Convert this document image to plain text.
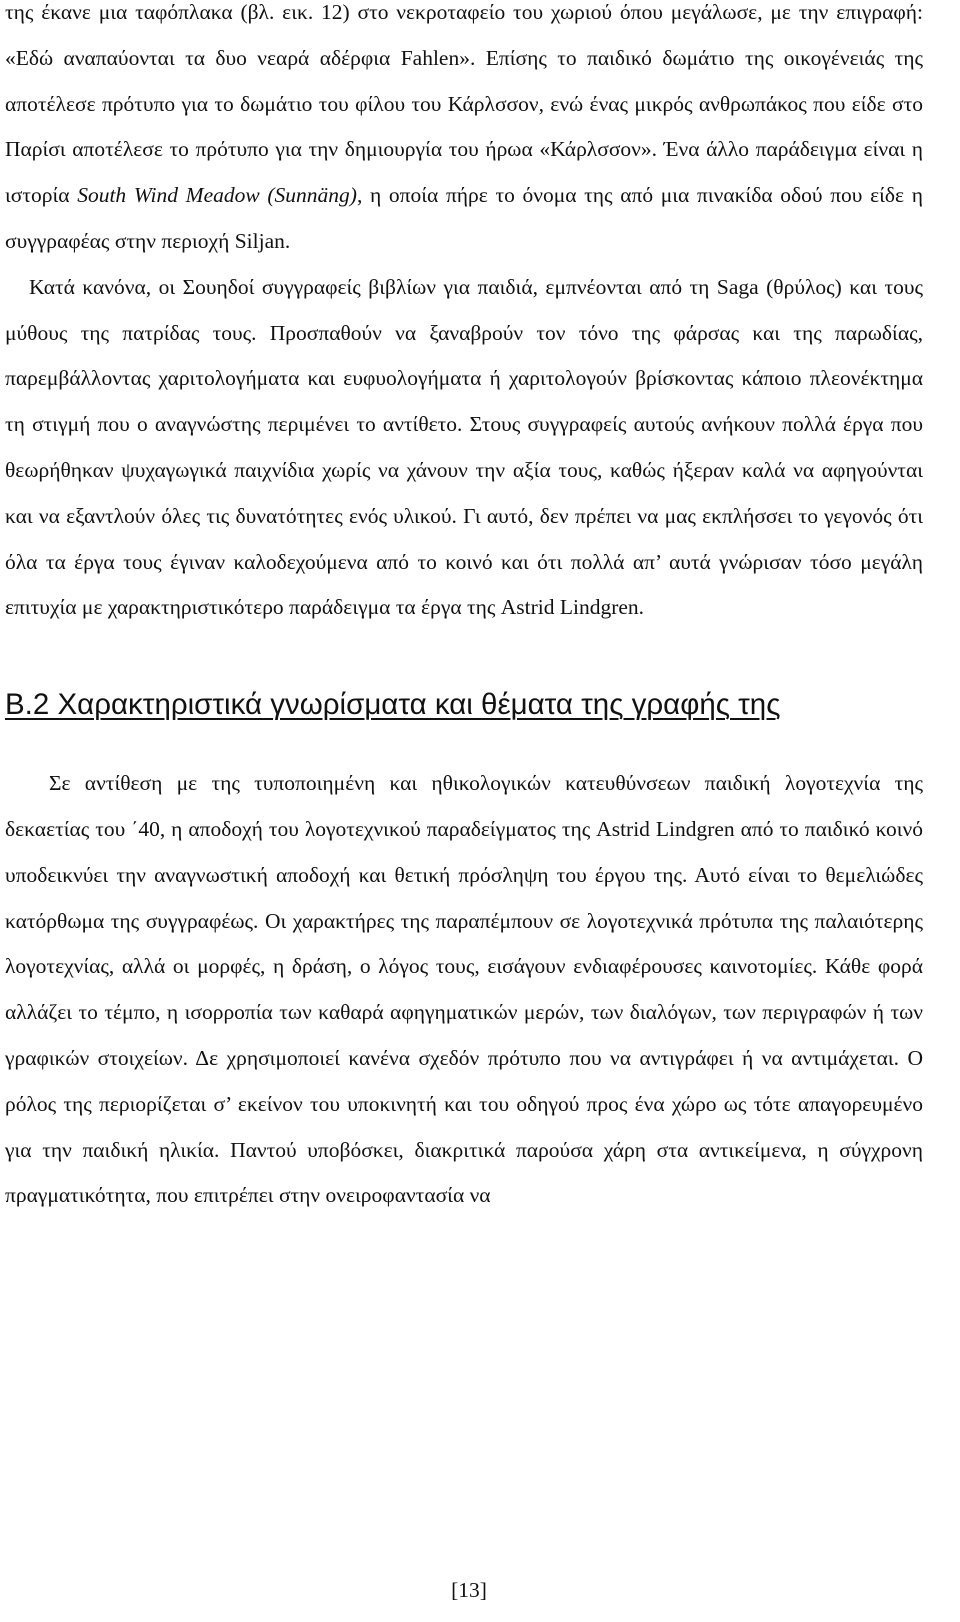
της έκανε μια ταφόπλακα (βλ. εικ. 12) στο νεκροταφείο του χωριού όπου μεγάλωσε, με την επιγραφή: «Εδώ αναπαύονται τα δυο νεαρά αδέρφια Fahlen». Επίσης το παιδικό δωμάτιο της οικογένειάς της αποτέλεσε πρότυπο για το δωμάτιο του φίλου του Κάρλσσον, ενώ ένας μικρός ανθρωπάκος που είδε στο Παρίσι αποτέλεσε το πρότυπο για την δημιουργία του ήρωα «Κάρλσσον». Ένα άλλο παράδειγμα είναι η ιστορία South Wind Meadow (Sunnäng), η οποία πήρε το όνομα της από μια πινακίδα οδού που είδε η συγγραφέας στην περιοχή Siljan.

Κατά κανόνα, οι Σουηδοί συγγραφείς βιβλίων για παιδιά, εμπνέονται από τη Saga (θρύλος) και τους μύθους της πατρίδας τους. Προσπαθούν να ξαναβρούν τον τόνο της φάρσας και της παρωδίας, παρεμβάλλοντας χαριτολογήματα και ευφυολογήματα ή χαριτολογούν βρίσκοντας κάποιο πλεονέκτημα τη στιγμή που ο αναγνώστης περιμένει το αντίθετο. Στους συγγραφείς αυτούς ανήκουν πολλά έργα που θεωρήθηκαν ψυχαγωγικά παιχνίδια χωρίς να χάνουν την αξία τους, καθώς ήξεραν καλά να αφηγούνται και να εξαντλούν όλες τις δυνατότητες ενός υλικού. Γι αυτό, δεν πρέπει να μας εκπλήσσει το γεγονός ότι όλα τα έργα τους έγιναν καλοδεχούμενα από το κοινό και ότι πολλά απ’ αυτά γνώρισαν τόσο μεγάλη επιτυχία με χαρακτηριστικότερο παράδειγμα τα έργα της Astrid Lindgren.

Β.2 Χαρακτηριστικά γνωρίσματα και θέματα της γραφής της

Σε αντίθεση με της τυποποιημένη και ηθικολογικών κατευθύνσεων παιδική λογοτεχνία της δεκαετίας του ΄40, η αποδοχή του λογοτεχνικού παραδείγματος της Astrid Lindgren από το παιδικό κοινό υποδεικνύει την αναγνωστική αποδοχή και θετική πρόσληψη του έργου της. Αυτό είναι το θεμελιώδες κατόρθωμα της συγγραφέως. Οι χαρακτήρες της παραπέμπουν σε λογοτεχνικά πρότυπα της παλαιότερης λογοτεχνίας, αλλά οι μορφές, η δράση, ο λόγος τους, εισάγουν ενδιαφέρουσες καινοτομίες. Κάθε φορά αλλάζει το τέμπο, η ισορροπία των καθαρά αφηγηματικών μερών, των διαλόγων, των περιγραφών ή των γραφικών στοιχείων. Δε χρησιμοποιεί κανένα σχεδόν πρότυπο που να αντιγράφει ή να αντιμάχεται. Ο ρόλος της περιορίζεται σ’ εκείνον του υποκινητή και του οδηγού προς ένα χώρο ως τότε απαγορευμένο για την παιδική ηλικία. Παντού υποβόσκει, διακριτικά παρούσα χάρη στα αντικείμενα, η σύγχρονη πραγματικότητα, που επιτρέπει στην ονειροφαντασία να

[13]
